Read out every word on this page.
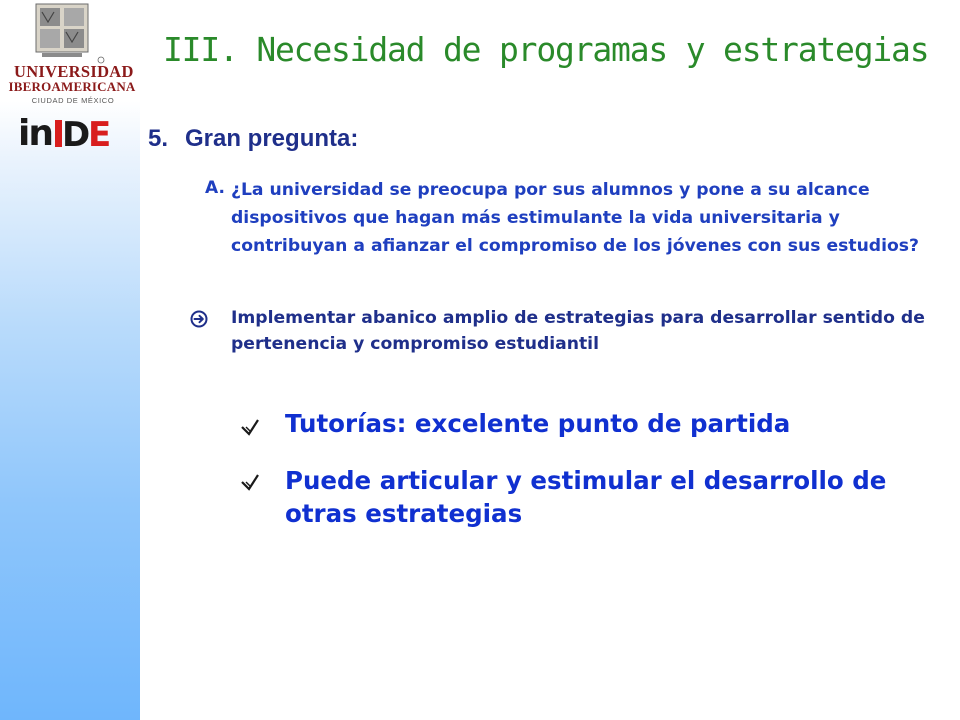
UNIVERSIDAD
IBEROAMERICANA
CIUDAD DE MÉXICO
in D
E
III. Necesidad de programas y estrategias
5. Gran pregunta:
A. ¿La universidad se preocupa por sus alumnos y pone a su alcance dispositivos que hagan más estimulante la vida universitaria y contribuyan a afianzar el compromiso de los jóvenes con sus estudios?

Implementar abanico amplio de estrategias para desarrollar sentido de pertenencia y compromiso estudiantil

Tutorías: excelente punto de partida

Puede articular y estimular el desarrollo de otras estrategias
